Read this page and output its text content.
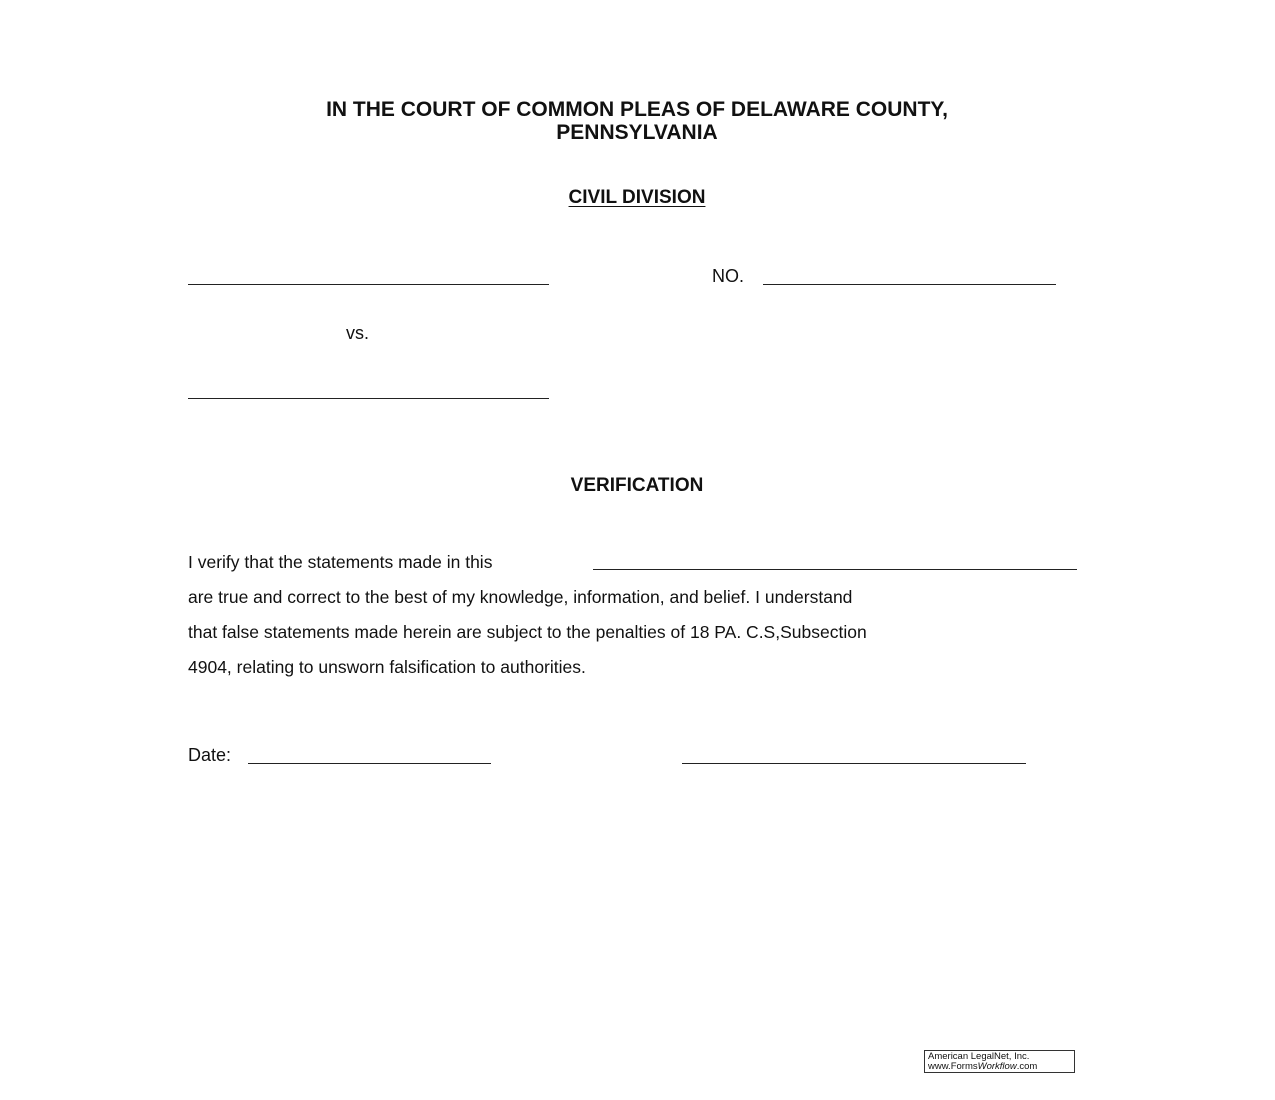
IN THE COURT OF COMMON PLEAS OF DELAWARE COUNTY,
PENNSYLVANIA
CIVIL DIVISION
NO.
vs.
VERIFICATION
I verify that the statements made in this
are true and correct to the best of my knowledge, information, and belief. I understand
that false statements made herein are subject to the penalties of 18 PA. C.S,Subsection
4904, relating to unsworn falsification to authorities.
Date:
American LegalNet, Inc.
www.FormsWorkflow.com
